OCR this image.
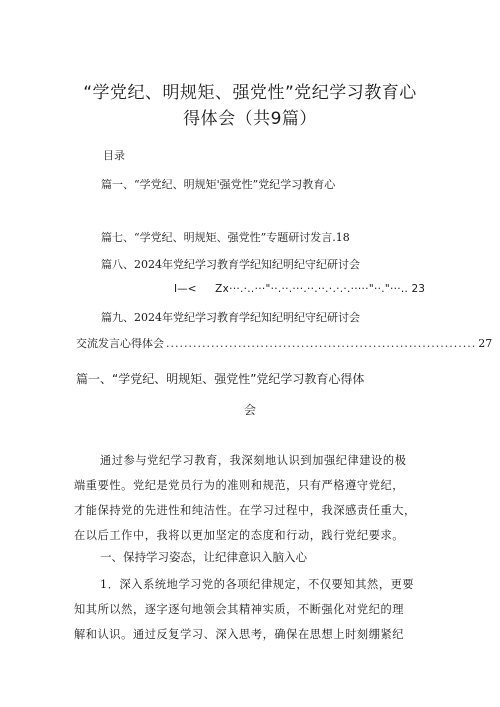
“学党纪、明规矩、强党性”党纪学习教育心
得体会（共9篇）
目录
篇一、“学党纪、明规矩'强党性”党纪学习教育心
篇七、“学党纪、明规矩、强党性”专题研讨发言.18
篇八、2024年党纪学习教育学纪知纪明纪守纪研讨会
I—< Zx···.·..···"··.··.···.··.··.·.·.·.·····"··."···.. 23
篇九、2024年党纪学习教育学纪知纪明纪守纪研讨会
交流发言心得体会 ..................................................................... 27
篇一、“学党纪、明规矩、强党性”党纪学习教育心得体
会
通过参与党纪学习教育，我深刻地认识到加强纪律建设的极
端重要性。党纪是党员行为的准则和规范，只有严格遵守党纪，
才能保持党的先进性和纯洁性。在学习过程中，我深感责任重大，
在以后工作中，我将以更加坚定的态度和行动，践行党纪要求。
一、保持学习姿态，让纪律意识入脑入心
1．深入系统地学习党的各项纪律规定，不仅要知其然，更要
知其所以然，逐字逐句地领会其精神实质，不断强化对党纪的理
解和认识。通过反复学习、深入思考，确保在思想上时刻绷紧纪
